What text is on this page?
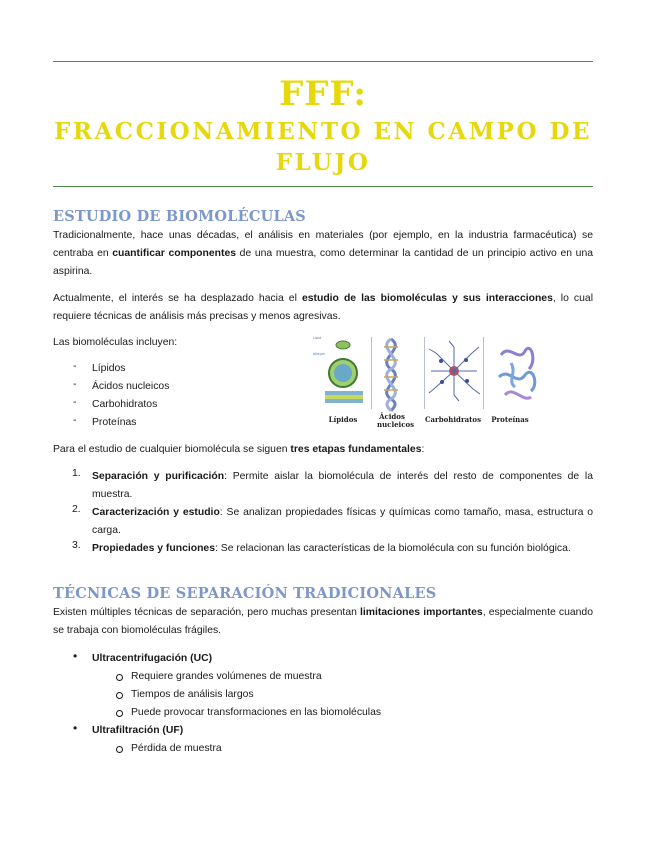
FFF:
FRACCIONAMIENTO EN CAMPO DE FLUJO
ESTUDIO DE BIOMOLÉCULAS
Tradicionalmente, hace unas décadas, el análisis en materiales (por ejemplo, en la industria farmacéutica) se centraba en cuantificar componentes de una muestra, como determinar la cantidad de un principio activo en una aspirina.
Actualmente, el interés se ha desplazado hacia el estudio de las biomoléculas y sus interacciones, lo cual requiere técnicas de análisis más precisas y menos agresivas.
Las biomoléculas incluyen:
- Lípidos
- Ácidos nucleicos
- Carbohidratos
- Proteínas
Lipid
bilayer
Lípidos	Ácidos nucleicos
Carbohidratos	Proteínas
Para el estudio de cualquier biomolécula se siguen tres etapas fundamentales:
1. Separación y purificación: Permite aislar la biomolécula de interés del resto de componentes de la muestra.
2. Caracterización y estudio: Se analizan propiedades físicas y químicas como tamaño, masa, estructura o carga.
3. Propiedades y funciones: Se relacionan las características de la biomolécula con su función biológica.
TÉCNICAS DE SEPARACIÓN TRADICIONALES
Existen múltiples técnicas de separación, pero muchas presentan limitaciones importantes, especialmente cuando se trabaja con biomoléculas frágiles.
• Ultracentrifugación (UC)
Requiere grandes volúmenes de muestra
Tiempos de análisis largos
Puede provocar transformaciones en las biomoléculas
• Ultrafiltración (UF)
Pérdida de muestra
